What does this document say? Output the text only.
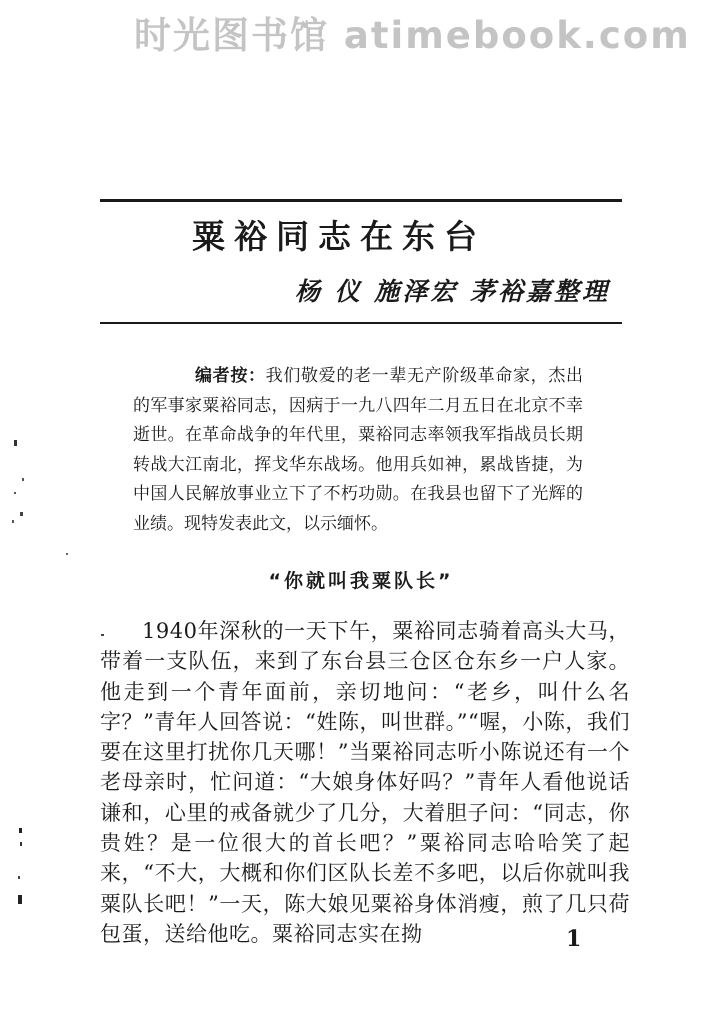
时光图书馆 atimebook.com
粟裕同志在东台
杨 仪 施泽宏 茅裕嘉整理
编者按：我们敬爱的老一辈无产阶级革命家，杰出的军事家粟裕同志，因病于一九八四年二月五日在北京不幸逝世。在革命战争的年代里，粟裕同志率领我军指战员长期转战大江南北，挥戈华东战场。他用兵如神，累战皆捷，为中国人民解放事业立下了不朽功勋。在我县也留下了光辉的业绩。现特发表此文，以示缅怀。
“你就叫我粟队长”
1940年深秋的一天下午，粟裕同志骑着高头大马，带着一支队伍，来到了东台县三仓区仓东乡一户人家。他走到一个青年面前，亲切地问：“老乡，叫什么名字？”青年人回答说：“姓陈，叫世群。”“喔，小陈，我们要在这里打扰你几天哪！”当粟裕同志听小陈说还有一个老母亲时，忙问道：“大娘身体好吗？”青年人看他说话谦和，心里的戒备就少了几分，大着胆子问：“同志，你贵姓？是一位很大的首长吧？”粟裕同志哈哈笑了起来，“不大，大概和你们区队长差不多吧，以后你就叫我粟队长吧！”一天，陈大娘见粟裕身体消瘦，煎了几只荷包蛋，送给他吃。粟裕同志实在拗	1
